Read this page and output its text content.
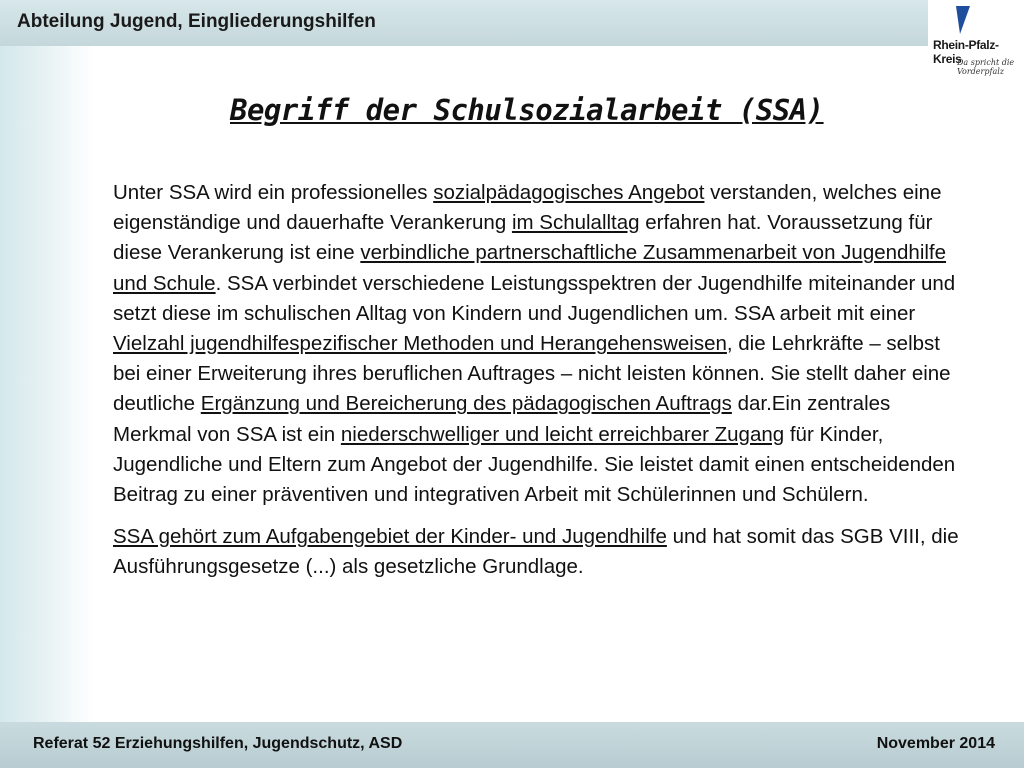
Abteilung Jugend, Eingliederungshilfen
Rhein-Pfalz-Kreis
Da spricht die Vorderpfalz
Begriff der Schulsozialarbeit (SSA)

Unter SSA wird ein professionelles sozialpädagogisches Angebot verstanden, welches eine eigenständige und dauerhafte Verankerung im Schulalltag erfahren hat. Voraussetzung für diese Verankerung ist eine verbindliche partnerschaftliche Zusammenarbeit von Jugendhilfe und Schule. SSA verbindet verschiedene Leistungsspektren der Jugendhilfe miteinander und setzt diese im schulischen Alltag von Kindern und Jugendlichen um. SSA arbeit mit einer Vielzahl jugendhilfespezifischer Methoden und Herangehensweisen, die Lehrkräfte – selbst bei einer Erweiterung ihres beruflichen Auftrages – nicht leisten können. Sie stellt daher eine deutliche Ergänzung und Bereicherung des pädagogischen Auftrags dar.Ein zentrales Merkmal von SSA ist ein niederschwelliger und leicht erreichbarer Zugang für Kinder, Jugendliche und Eltern zum Angebot der Jugendhilfe. Sie leistet damit einen entscheidenden Beitrag zu einer präventiven und integrativen Arbeit mit Schülerinnen und Schülern.

SSA gehört zum Aufgabengebiet der Kinder- und Jugendhilfe und hat somit das SGB VIII, die Ausführungsgesetze (...) als gesetzliche Grundlage.

Referat 52 Erziehungshilfen, Jugendschutz, ASD	November 2014
